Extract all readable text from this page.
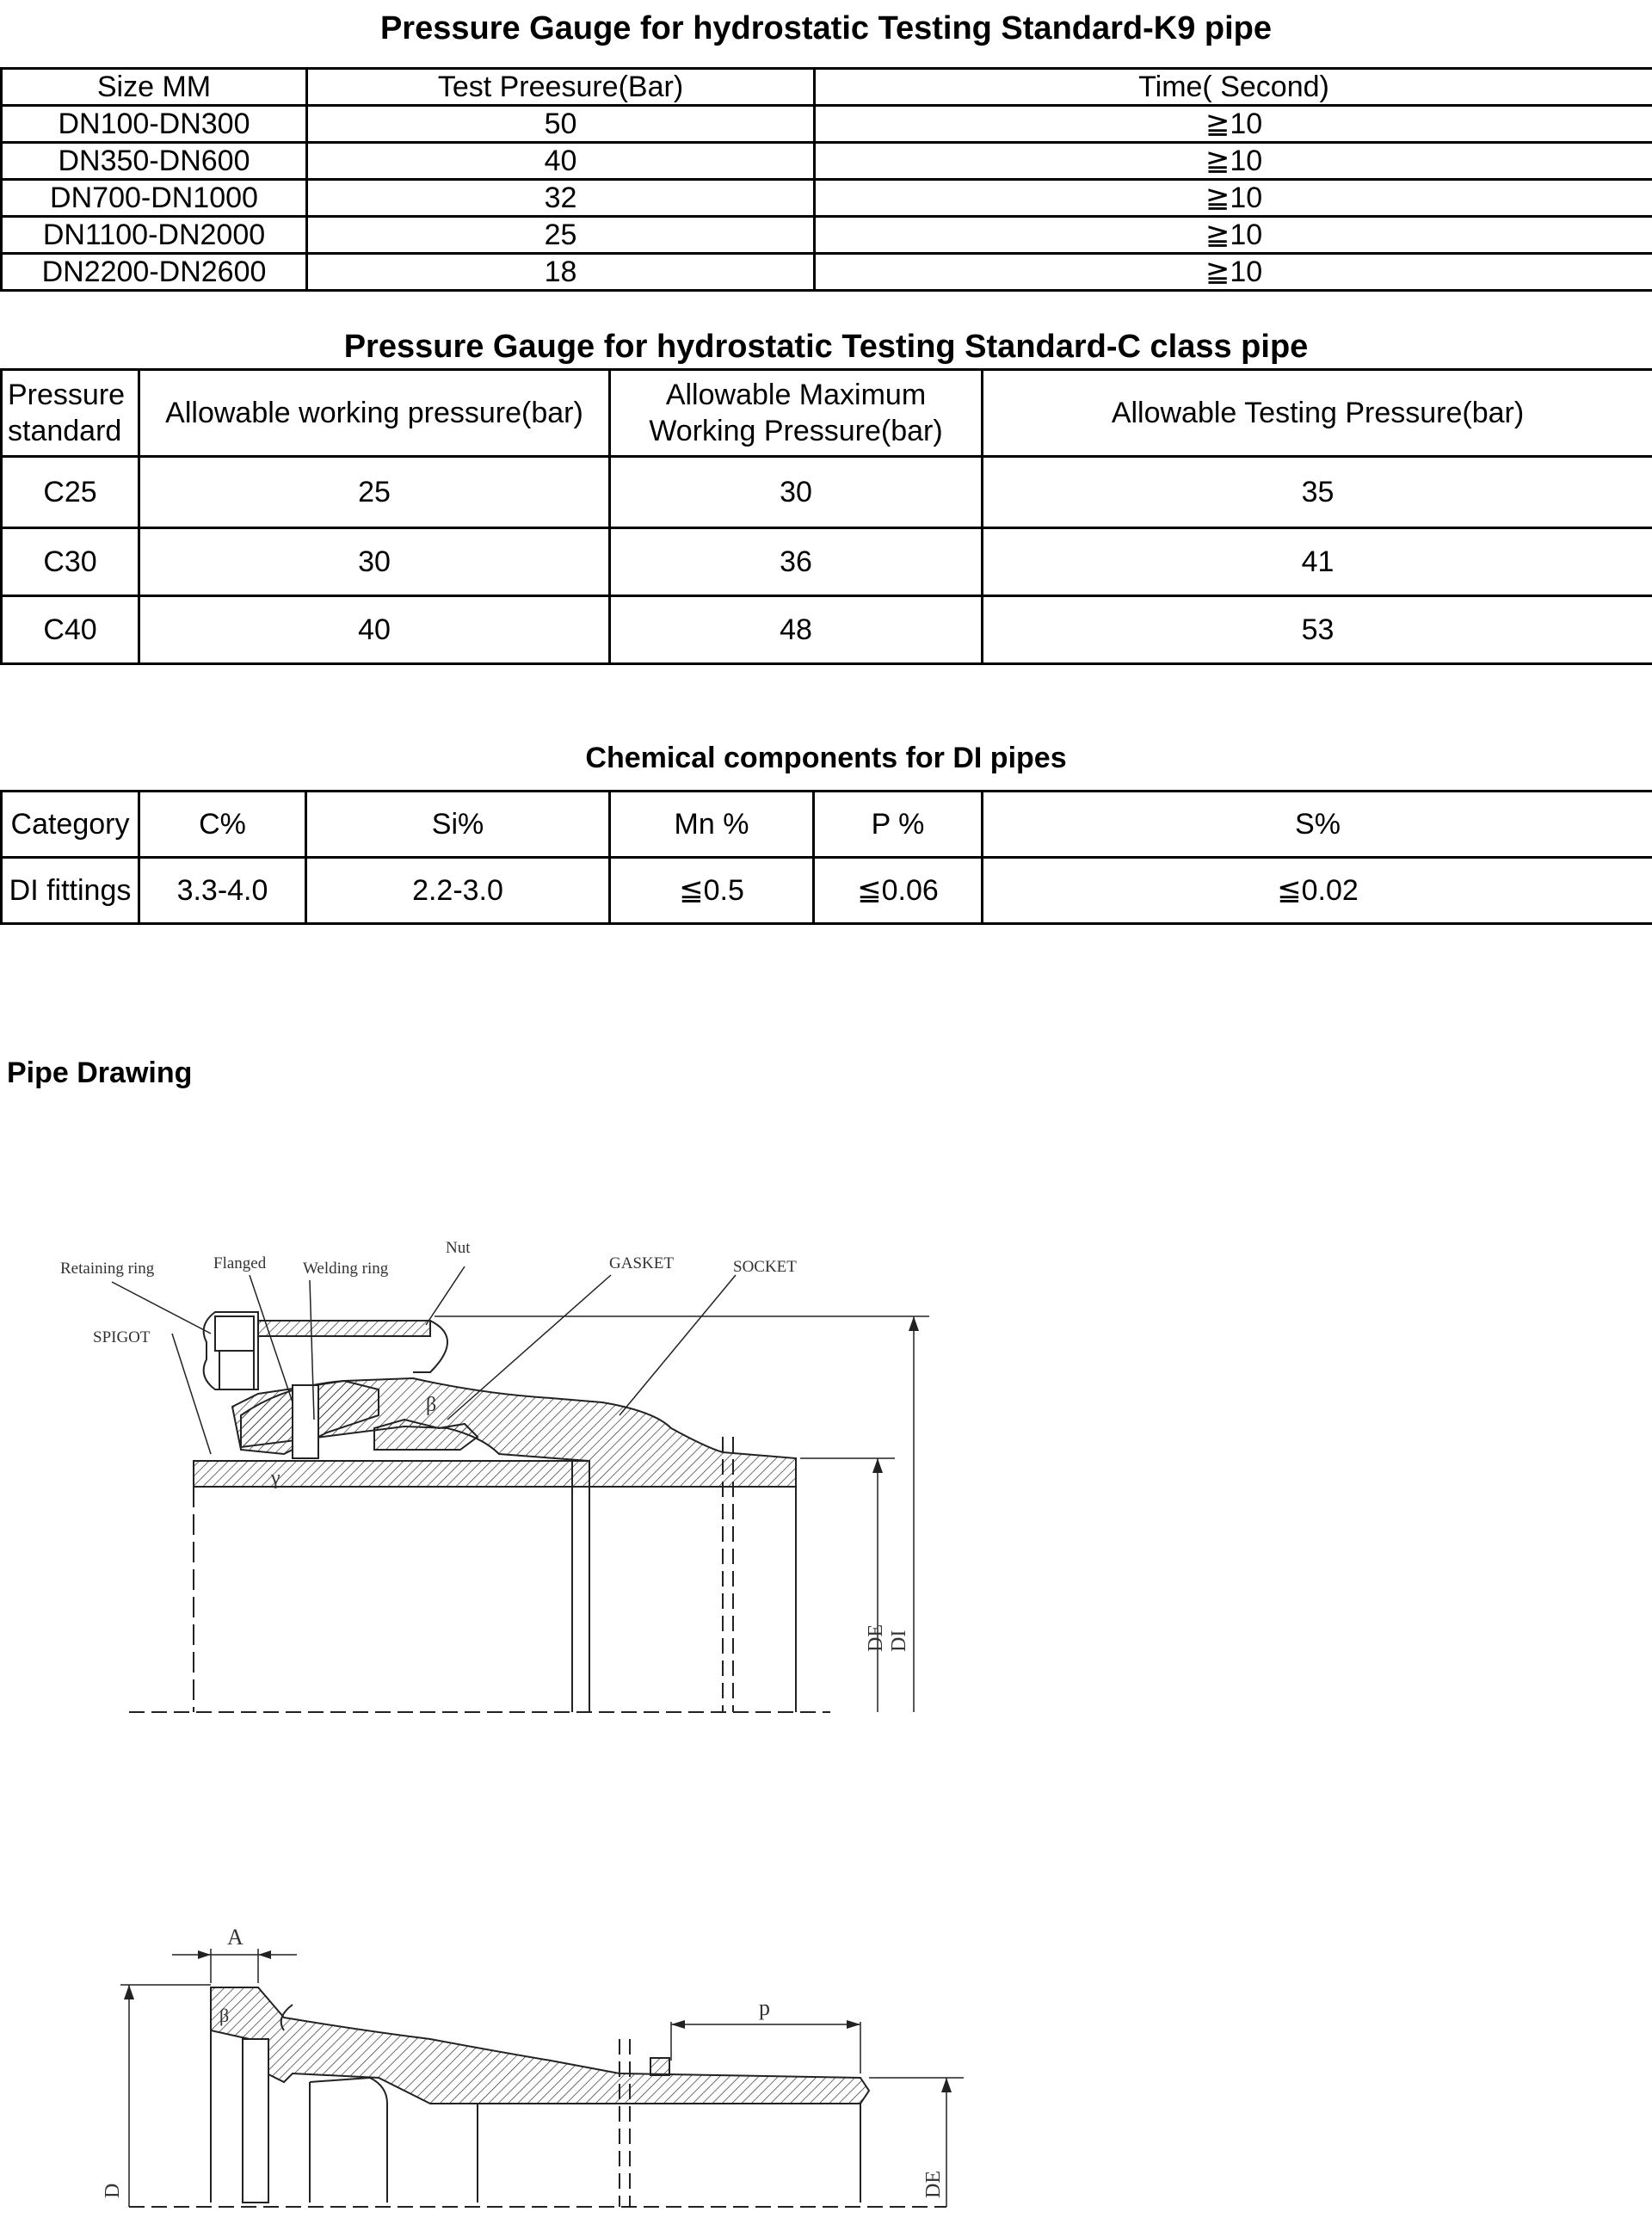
Pressure Gauge for hydrostatic Testing Standard-K9 pipe
Size MM	Test Preesure(Bar)	Time( Second)
DN100-DN300	50	≧10
DN350-DN600	40	≧10
DN700-DN1000	32	≧10
DN1100-DN2000	25	≧10
DN2200-DN2600	18	≧10
Pressure Gauge for hydrostatic Testing Standard-C class pipe
Pressure standard	Allowable working pressure(bar)	Allowable Maximum Working Pressure(bar)	Allowable Testing Pressure(bar)
C25	25	30	35
C30	30	36	41
C40	40	48	53
Chemical components for DI pipes
Category	C%	Si%	Mn %	P %	S%
DI fittings	3.3-4.0	2.2-3.0	≦0.5	≦0.06	≦0.02
Pipe Drawing
Retaining ring	Flanged Welding ring
Nut
GASKET	SOCKET
SPIGOT
β
γ
DE DI
A
β	p
D	DE
